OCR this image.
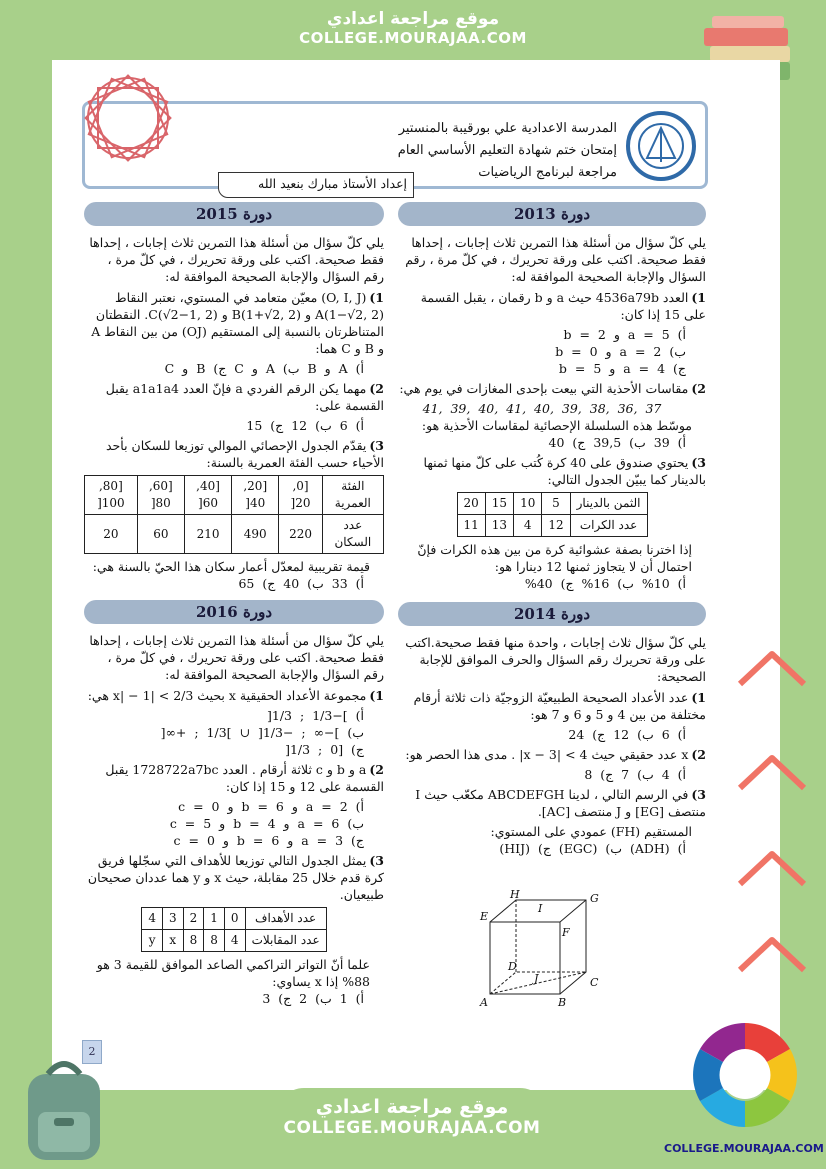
موقع مراجعة اعدادي
COLLEGE.MOURAJAA.COM
المدرسة الاعدادية علي بورقيبة بالمنستير
إمتحان ختم شهادة التعليم الأساسي العام
مراجعة لبرنامج الرياضيات
إعداد الأستاذ مبارك بنعيد الله
دورة 2013
يلي كلّ سؤال من أسئلة هذا التمرين ثلاث إجابات ، إحداها فقط صحيحة. اكتب على ورقة تحريرك ، في كلّ مرة ، رقم السؤال والإجابة الصحيحة الموافقة له:
1)العدد 4536a79b حيث a و b رقمان ، يقبل القسمة على 15 إذا كان:
أ) a = 5 و b = 2
ب) a = 2 و b = 0
ج) a = 4 و b = 5
2)مقاسات الأحذية التي بيعت بإحدى المغازات في يوم هي:
41, 39, 40, 41, 40, 39, 38, 36, 37
موسّط هذه السلسلة الإحصائية لمقاسات الأحذية هو:
أ) 39 ب) 39,5 ج) 40
3)يحتوي صندوق على 40 كرة كُتب على كلّ منها ثمنها بالدينار كما يبيّن الجدول التالي:
الثمن بالدينار	5	10	15	20
عدد الكرات	12	4	13	11
إذا اخترنا بصفة عشوائية كرة من بين هذه الكرات فإنّ احتمال أن لا يتجاوز ثمنها 12 دينارا هو:
أ) 10% ب) 16% ج) 40%
دورة 2014
يلي كلّ سؤال ثلاث إجابات ، واحدة منها فقط صحيحة.اكتب على ورقة تحريرك رقم السؤال والحرف الموافق للإجابة الصحيحة:
1)عدد الأعداد الصحيحة الطبيعيّة الزوجيّة ذات ثلاثة أرقام مختلفة من بين 4 و 5 و 6 و 7 هو:
أ) 6 ب) 12 ج) 24
2)x عدد حقيقي حيث 4 > |x − 3| . مدى هذا الحصر هو:
أ) 4 ب) 7 ج) 8
3)في الرسم التالي ، لدينا ABCDEFGH مكعّب حيث I منتصف [EG] و J منتصف [AC].
المستقيم (FH) عمودي على المستوي:
أ) (ADH) ب) (EGC) ج) (HIJ)
H
I
G
E
F
D
J	C
A	B
دورة 2015
يلي كلّ سؤال من أسئلة هذا التمرين ثلاث إجابات ، إحداها فقط صحيحة. اكتب على ورقة تحريرك ، في كلّ مرة ، رقم السؤال والإجابة الصحيحة الموافقة له:
1)(O, I, J) معيّن متعامد في المستوي، نعتبر النقاط A(1−√2, 2) و B(1+√2, 2) و C(√2−1, 2). النقطتان المتناظرتان بالنسبة إلى المستقيم (OJ) من بين النقاط A و B و C هما:
أ) A و B ب) A و C ج) B و C
2)مهما يكن الرقم الفردي a فإنّ العدد a1a1a4 يقبل القسمة على:
أ) 6 ب) 12 ج) 15
3)يقدّم الجدول الإحصائي الموالي توزيعا للسكان بأحد الأحياء حسب الفئة العمرية بالسنة:
الفئة العمرية	[0, 20[	[20, 40[	[40, 60[	[60, 80[	[80, 100[
عدد السكان	220	490	210	60	20
قيمة تقريبية لمعدّل أعمار سكان هذا الحيّ بالسنة هي:
أ) 33 ب) 40 ج) 65
دورة 2016
يلي كلّ سؤال من أسئلة هذا التمرين ثلاث إجابات ، إحداها فقط صحيحة. اكتب على ورقة تحريرك ، في كلّ مرة ، رقم السؤال والإجابة الصحيحة الموافقة له:
1)مجموعة الأعداد الحقيقية x بحيث 2/3 > |x| − 1 هي:
أ) ]−1/3 ; 1/3[
ب) ]−∞ ; −1/3[ ∪ ]1/3 ; +∞[
ج) [0 ; 1/3[
2)a و b و c ثلاثة أرقام . العدد 1728722a7bc يقبل القسمة على 12 و 15 إذا كان:
أ) a = 2 و b = 6 و c = 0
ب) a = 6 و b = 4 و c = 5
ج) a = 3 و b = 6 و c = 0
3)يمثل الجدول التالي توزيعا للأهداف التي سجّلها فريق كرة قدم خلال 25 مقابلة، حيث x و y هما عددان صحيحان طبيعيان.
عدد الأهداف	0	1	2	3	4
عدد المقابلات	4	8	8	x	y
علما أنّ التواتر التراكمي الصاعد الموافق للقيمة 3 هو 88% إذا x يساوي:
أ) 1 ب) 2 ج) 3
2
COLLEGE.MOURAJAA.COM
موقع مراجعة اعدادي
COLLEGE.MOURAJAA.COM
